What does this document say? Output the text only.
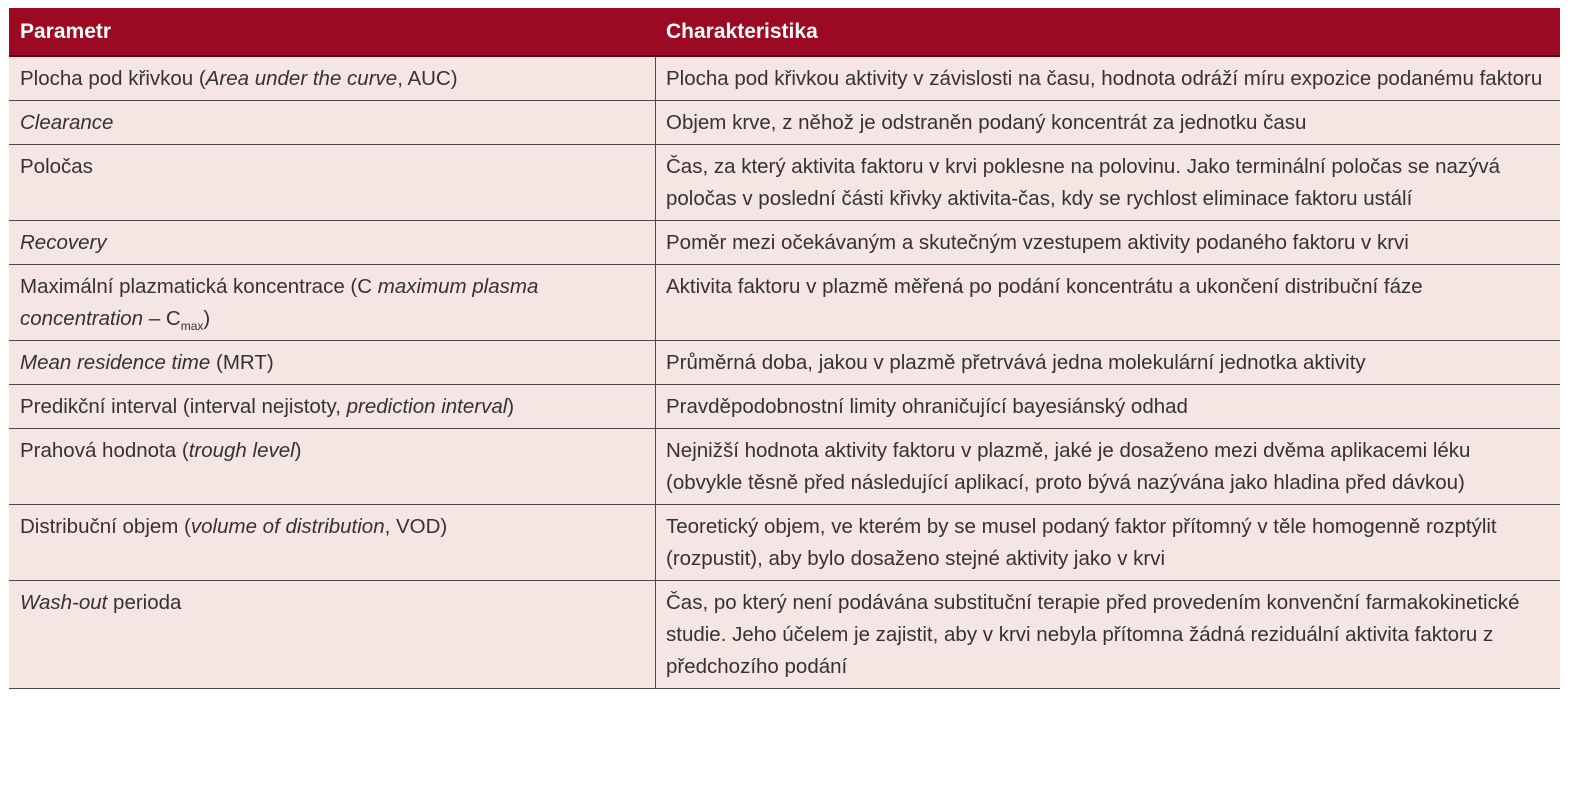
Parametr	Charakteristika
Plocha pod křivkou (Area under the curve, AUC)	Plocha pod křivkou aktivity v závislosti na času, hodnota odráží míru expozice podanému faktoru
Clearance	Objem krve, z něhož je odstraněn podaný koncentrát za jednotku času
Poločas	Čas, za který aktivita faktoru v krvi poklesne na polovinu. Jako terminální poločas se nazývá poločas v poslední části křivky aktivita-čas, kdy se rychlost eliminace faktoru ustálí
Recovery	Poměr mezi očekávaným a skutečným vzestupem aktivity podaného faktoru v krvi
Maximální plazmatická koncentrace (C maximum plasma concentration – $C_{max}$)	Aktivita faktoru v plazmě měřená po podání koncentrátu a ukončení distribuční fáze
Mean residence time (MRT)	Průměrná doba, jakou v plazmě přetrvává jedna molekulární jednotka aktivity
Predikční interval (interval nejistoty, prediction interval)	Pravděpodobnostní limity ohraničující bayesiánský odhad
Prahová hodnota (trough level)	Nejnižší hodnota aktivity faktoru v plazmě, jaké je dosaženo mezi dvěma aplikacemi léku (obvykle těsně před následující aplikací, proto bývá nazývána jako hladina před dávkou)
Distribuční objem (volume of distribution, VOD)	Teoretický objem, ve kterém by se musel podaný faktor přítomný v těle homogenně rozptýlit (rozpustit), aby bylo dosaženo stejné aktivity jako v krvi
Wash-out perioda	Čas, po který není podávána substituční terapie před provedením konvenční farmakokinetické studie. Jeho účelem je zajistit, aby v krvi nebyla přítomna žádná reziduální aktivita faktoru z předchozího podání
